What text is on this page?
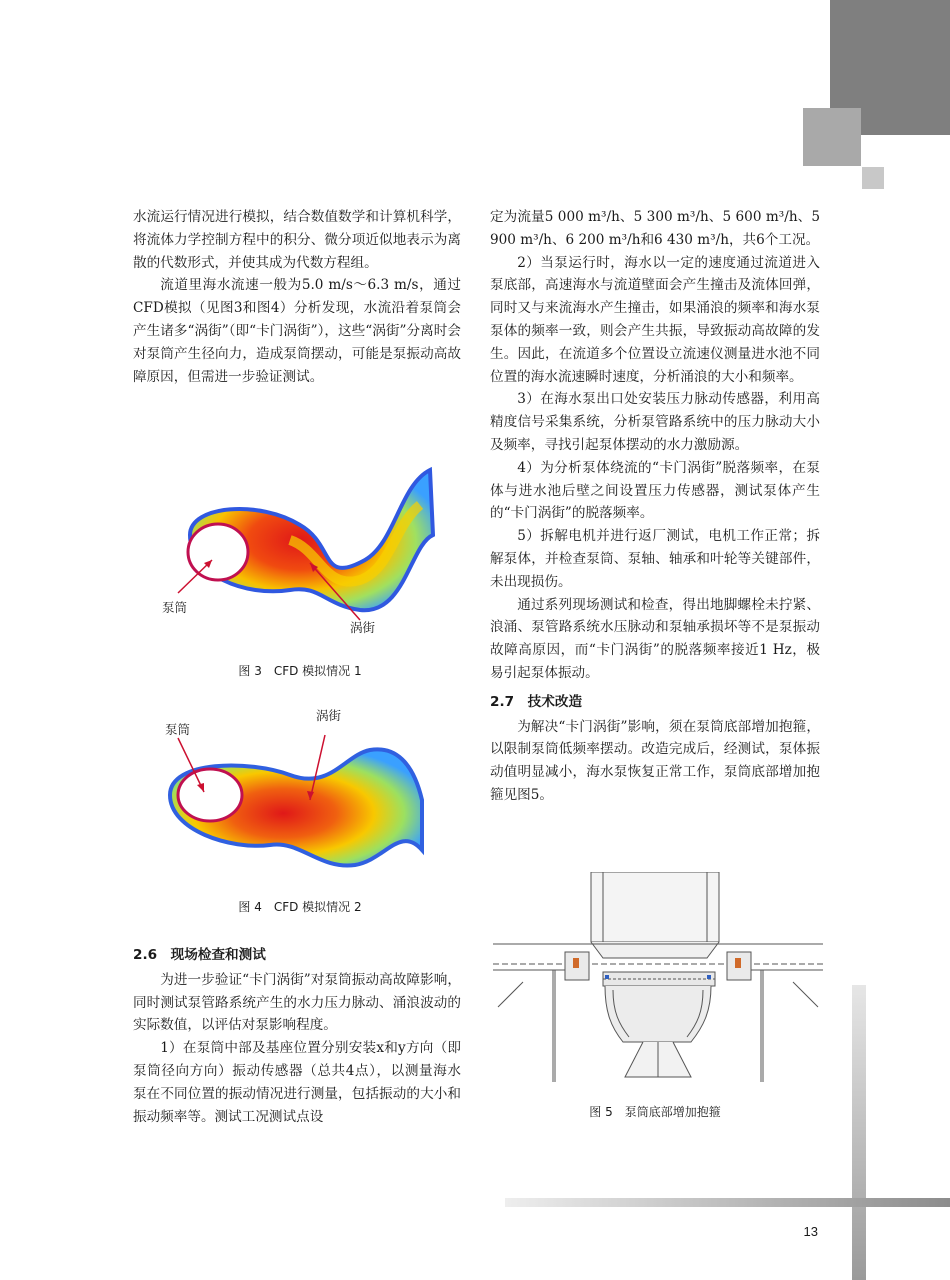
水流运行情况进行模拟，结合数值数学和计算机科学，将流体力学控制方程中的积分、微分项近似地表示为离散的代数形式，并使其成为代数方程组。

流道里海水流速一般为5.0 m/s～6.3 m/s，通过CFD模拟（见图3和图4）分析发现，水流沿着泵筒会产生诸多“涡街”（即“卡门涡街”），这些“涡街”分离时会对泵筒产生径向力，造成泵筒摆动，可能是泵振动高故障原因，但需进一步验证测试。

泵筒
涡街
图 3　CFD 模拟情况 1
泵筒
涡街
图 4　CFD 模拟情况 2
2.6　现场检查和测试

为进一步验证“卡门涡街”对泵筒振动高故障影响，同时测试泵管路系统产生的水力压力脉动、涌浪波动的实际数值，以评估对泵影响程度。

1）在泵筒中部及基座位置分别安装x和y方向（即泵筒径向方向）振动传感器（总共4点），以测量海水泵在不同位置的振动情况进行测量，包括振动的大小和振动频率等。测试工况测试点设

定为流量5 000 m³/h、5 300 m³/h、5 600 m³/h、5 900 m³/h、6 200 m³/h和6 430 m³/h，共6个工况。

2）当泵运行时，海水以一定的速度通过流道进入泵底部，高速海水与流道壁面会产生撞击及流体回弹，同时又与来流海水产生撞击，如果涌浪的频率和海水泵泵体的频率一致，则会产生共振，导致振动高故障的发生。因此，在流道多个位置设立流速仪测量进水池不同位置的海水流速瞬时速度，分析涌浪的大小和频率。

3）在海水泵出口处安装压力脉动传感器，利用高精度信号采集系统，分析泵管路系统中的压力脉动大小及频率，寻找引起泵体摆动的水力激励源。

4）为分析泵体绕流的“卡门涡街”脱落频率，在泵体与进水池后壁之间设置压力传感器，测试泵体产生的“卡门涡街”的脱落频率。

5）拆解电机并进行返厂测试，电机工作正常；拆解泵体，并检查泵筒、泵轴、轴承和叶轮等关键部件，未出现损伤。

通过系列现场测试和检查，得出地脚螺栓未拧紧、浪涌、泵管路系统水压脉动和泵轴承损坏等不是泵振动故障高原因，而“卡门涡街”的脱落频率接近1 Hz，极易引起泵体振动。

2.7　技术改造

为解决“卡门涡街”影响，须在泵筒底部增加抱箍，以限制泵筒低频率摆动。改造完成后，经测试，泵体振动值明显减小，海水泵恢复正常工作，泵筒底部增加抱箍见图5。

图 5　泵筒底部增加抱箍
13
